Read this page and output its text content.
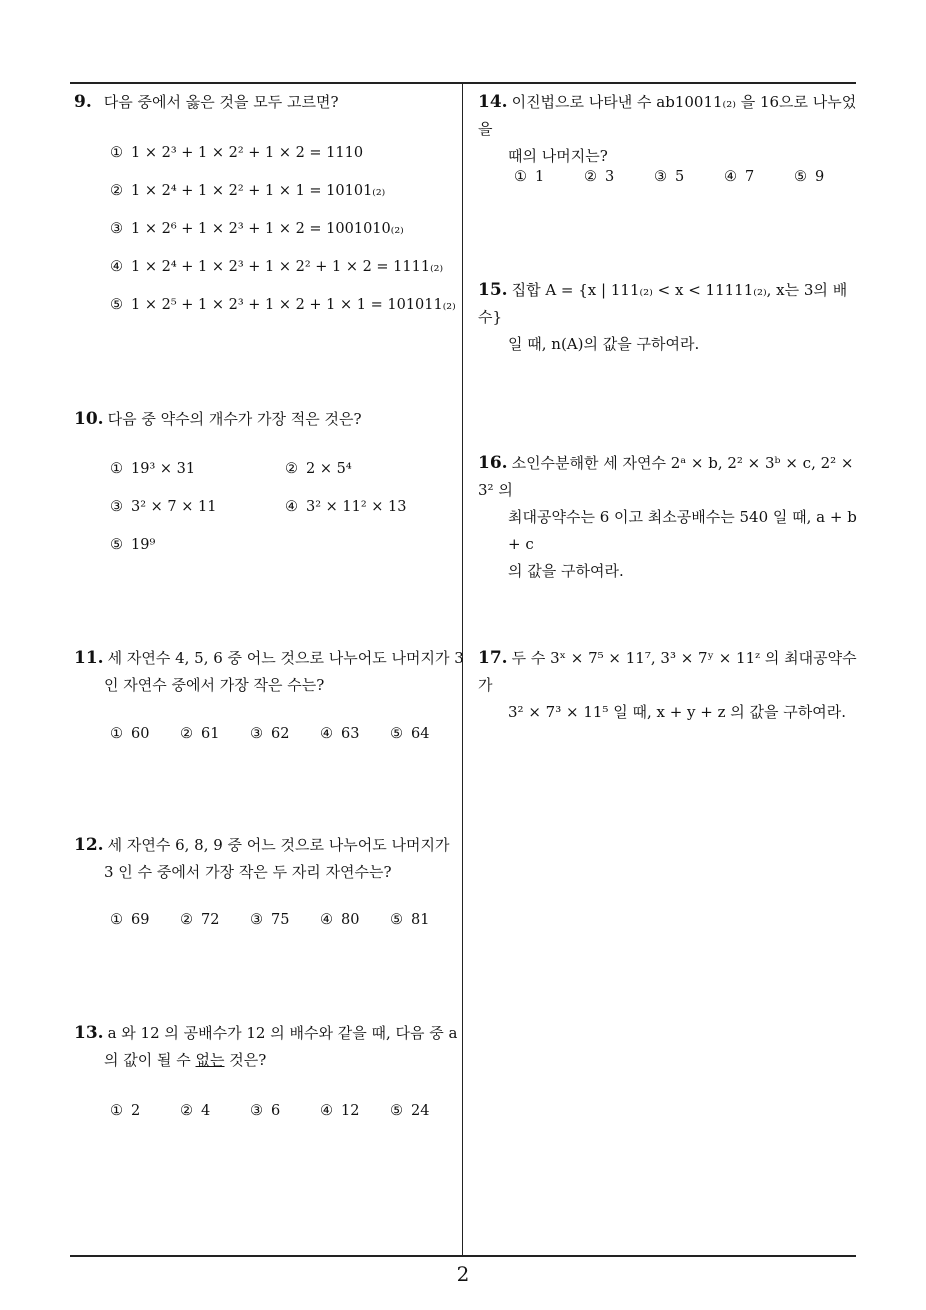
9. 다음 중에서 옳은 것을 모두 고르면?
① 1 × 2³ + 1 × 2² + 1 × 2 = 1110
② 1 × 2⁴ + 1 × 2² + 1 × 1 = 10101₍₂₎
③ 1 × 2⁶ + 1 × 2³ + 1 × 2 = 1001010₍₂₎
④ 1 × 2⁴ + 1 × 2³ + 1 × 2² + 1 × 2 = 1111₍₂₎
⑤ 1 × 2⁵ + 1 × 2³ + 1 × 2 + 1 × 1 = 101011₍₂₎
10. 다음 중 약수의 개수가 가장 적은 것은?
① 19³ × 31	② 2 × 5⁴
③ 3² × 7 × 11	④ 3² × 11² × 13
⑤ 19⁹
11. 세 자연수 4, 5, 6 중 어느 것으로 나누어도 나머지가 3
인 자연수 중에서 가장 작은 수는?
① 60 ② 61 ③ 62 ④ 63 ⑤ 64
12. 세 자연수 6, 8, 9 중 어느 것으로 나누어도 나머지가
3 인 수 중에서 가장 작은 두 자리 자연수는?
① 69 ② 72 ③ 75 ④ 80 ⑤ 81
13. a 와 12 의 공배수가 12 의 배수와 같을 때, 다음 중 a
의 값이 될 수 없는 것은?
① 2	② 4	③ 6	④ 12 ⑤ 24
14. 이진법으로 나타낸 수 ab10011₍₂₎ 을 16으로 나누었을
때의 나머지는?
① 1	② 3	③ 5	④ 7	⑤ 9
15. 집합 A = {x | 111₍₂₎ < x < 11111₍₂₎, x는 3의 배수}
일 때, n(A)의 값을 구하여라.
16. 소인수분해한 세 자연수 2ᵃ × b, 2² × 3ᵇ × c, 2² × 3² 의
최대공약수는 6 이고 최소공배수는 540 일 때, a + b + c
의 값을 구하여라.
17. 두 수 3ˣ × 7⁵ × 11⁷, 3³ × 7ʸ × 11ᶻ 의 최대공약수가
3² × 7³ × 11⁵ 일 때, x + y + z 의 값을 구하여라.
2
